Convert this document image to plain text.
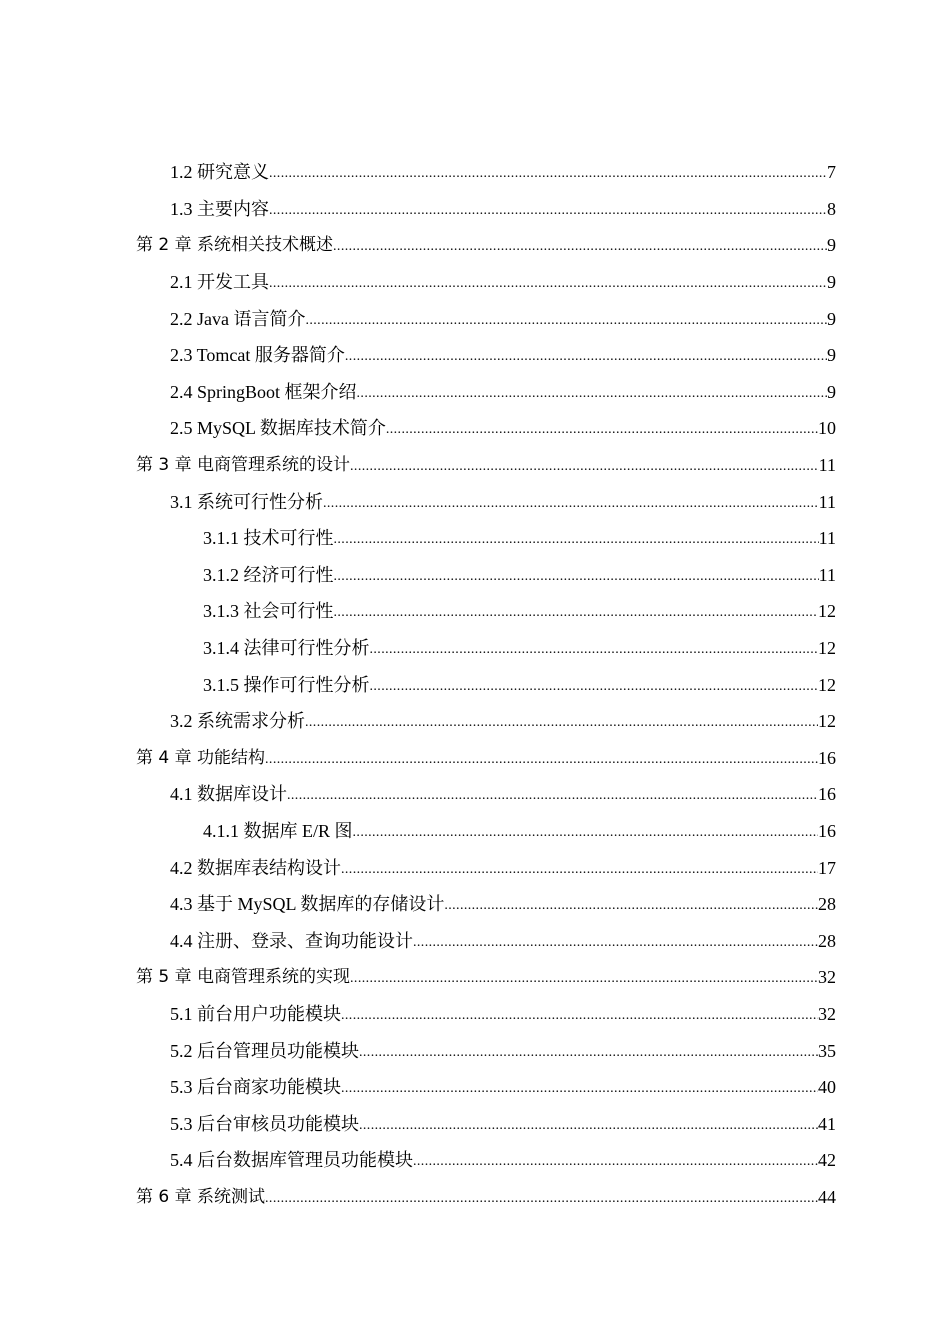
1.2 研究意义 .....	7
1.3 主要内容 .....	8
第 2 章 系统相关技术概述 .....	9
2.1 开发工具 .....	9
2.2 Java 语言简介 .....	9
2.3 Tomcat 服务器简介 .....	9
2.4 SpringBoot 框架介绍 .....	9
2.5 MySQL 数据库技术简介 .....	10
第 3 章 电商管理系统的设计 .....	11
3.1 系统可行性分析 .....	11
3.1.1 技术可行性 .....	11
3.1.2 经济可行性 .....	11
3.1.3 社会可行性 .....	12
3.1.4 法律可行性分析 .....	12
3.1.5 操作可行性分析 .....	12
3.2 系统需求分析 .....	12
第 4 章 功能结构 .....	16
4.1 数据库设计 .....	16
4.1.1 数据库 E/R 图 .....	16
4.2 数据库表结构设计 .....	17
4.3 基于 MySQL 数据库的存储设计 .....	28
4.4 注册、登录、查询功能设计 .....	28
第 5 章 电商管理系统的实现 .....	32
5.1 前台用户功能模块 .....	32
5.2 后台管理员功能模块 .....	35
5.3 后台商家功能模块 .....	40
5.3 后台审核员功能模块 .....	41
5.4 后台数据库管理员功能模块 .....	42
第 6 章 系统测试 .....	44
